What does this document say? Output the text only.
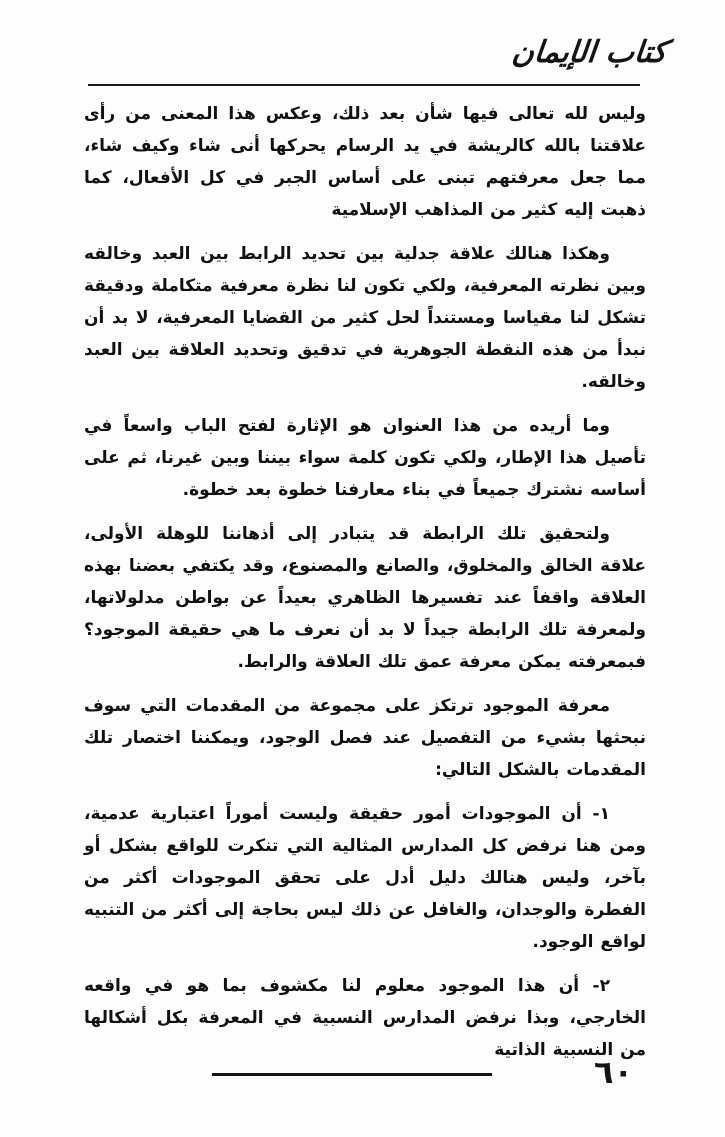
كتاب الإيمان

وليس لله تعالى فيها شأن بعد ذلك، وعكس هذا المعنى من رأى علاقتنا بالله كالريشة في يد الرسام يحركها أنى شاء وكيف شاء، مما جعل معرفتهم تبنى على أساس الجبر في كل الأفعال، كما ذهبت إليه كثير من المذاهب الإسلامية

وهكذا هنالك علاقة جدلية بين تحديد الرابط بين العبد وخالقه وبين نظرته المعرفية، ولكي تكون لنا نظرة معرفية متكاملة ودقيقة تشكل لنا مقياسا ومستنداً لحل كثير من القضايا المعرفية، لا بد أن نبدأ من هذه النقطة الجوهرية في تدقيق وتحديد العلاقة بين العبد وخالقه.

وما أريده من هذا العنوان هو الإثارة لفتح الباب واسعاً في تأصيل هذا الإطار، ولكي تكون كلمة سواء بيننا وبين غيرنا، ثم على أساسه نشترك جميعاً في بناء معارفنا خطوة بعد خطوة.

ولتحقيق تلك الرابطة قد يتبادر إلى أذهاننا للوهلة الأولى، علاقة الخالق والمخلوق، والصانع والمصنوع، وقد يكتفي بعضنا بهذه العلاقة واقفاً عند تفسيرها الظاهري بعيداً عن بواطن مدلولاتها، ولمعرفة تلك الرابطة جيداً لا بد أن نعرف ما هي حقيقة الموجود؟فبمعرفته يمكن معرفة عمق تلك العلاقة والرابط.

معرفة الموجود ترتكز على مجموعة من المقدمات التي سوف نبحثها بشيء من التفصيل عند فصل الوجود، ويمكننا اختصار تلك المقدمات بالشكل التالي:

١- أن الموجودات أمور حقيقة وليست أموراً اعتبارية عدمية، ومن هنا نرفض كل المدارس المثالية التي تنكرت للواقع بشكل أو بآخر، وليس هنالك دليل أدل على تحقق الموجودات أكثر من الفطرة والوجدان، والغافل عن ذلك ليس بحاجة إلى أكثر من التنبيه لواقع الوجود.

٢- أن هذا الموجود معلوم لنا مكشوف بما هو في واقعه الخارجي، وبذا نرفض المدارس النسبية في المعرفة بكل أشكالها من النسبية الذاتية

٦٠
